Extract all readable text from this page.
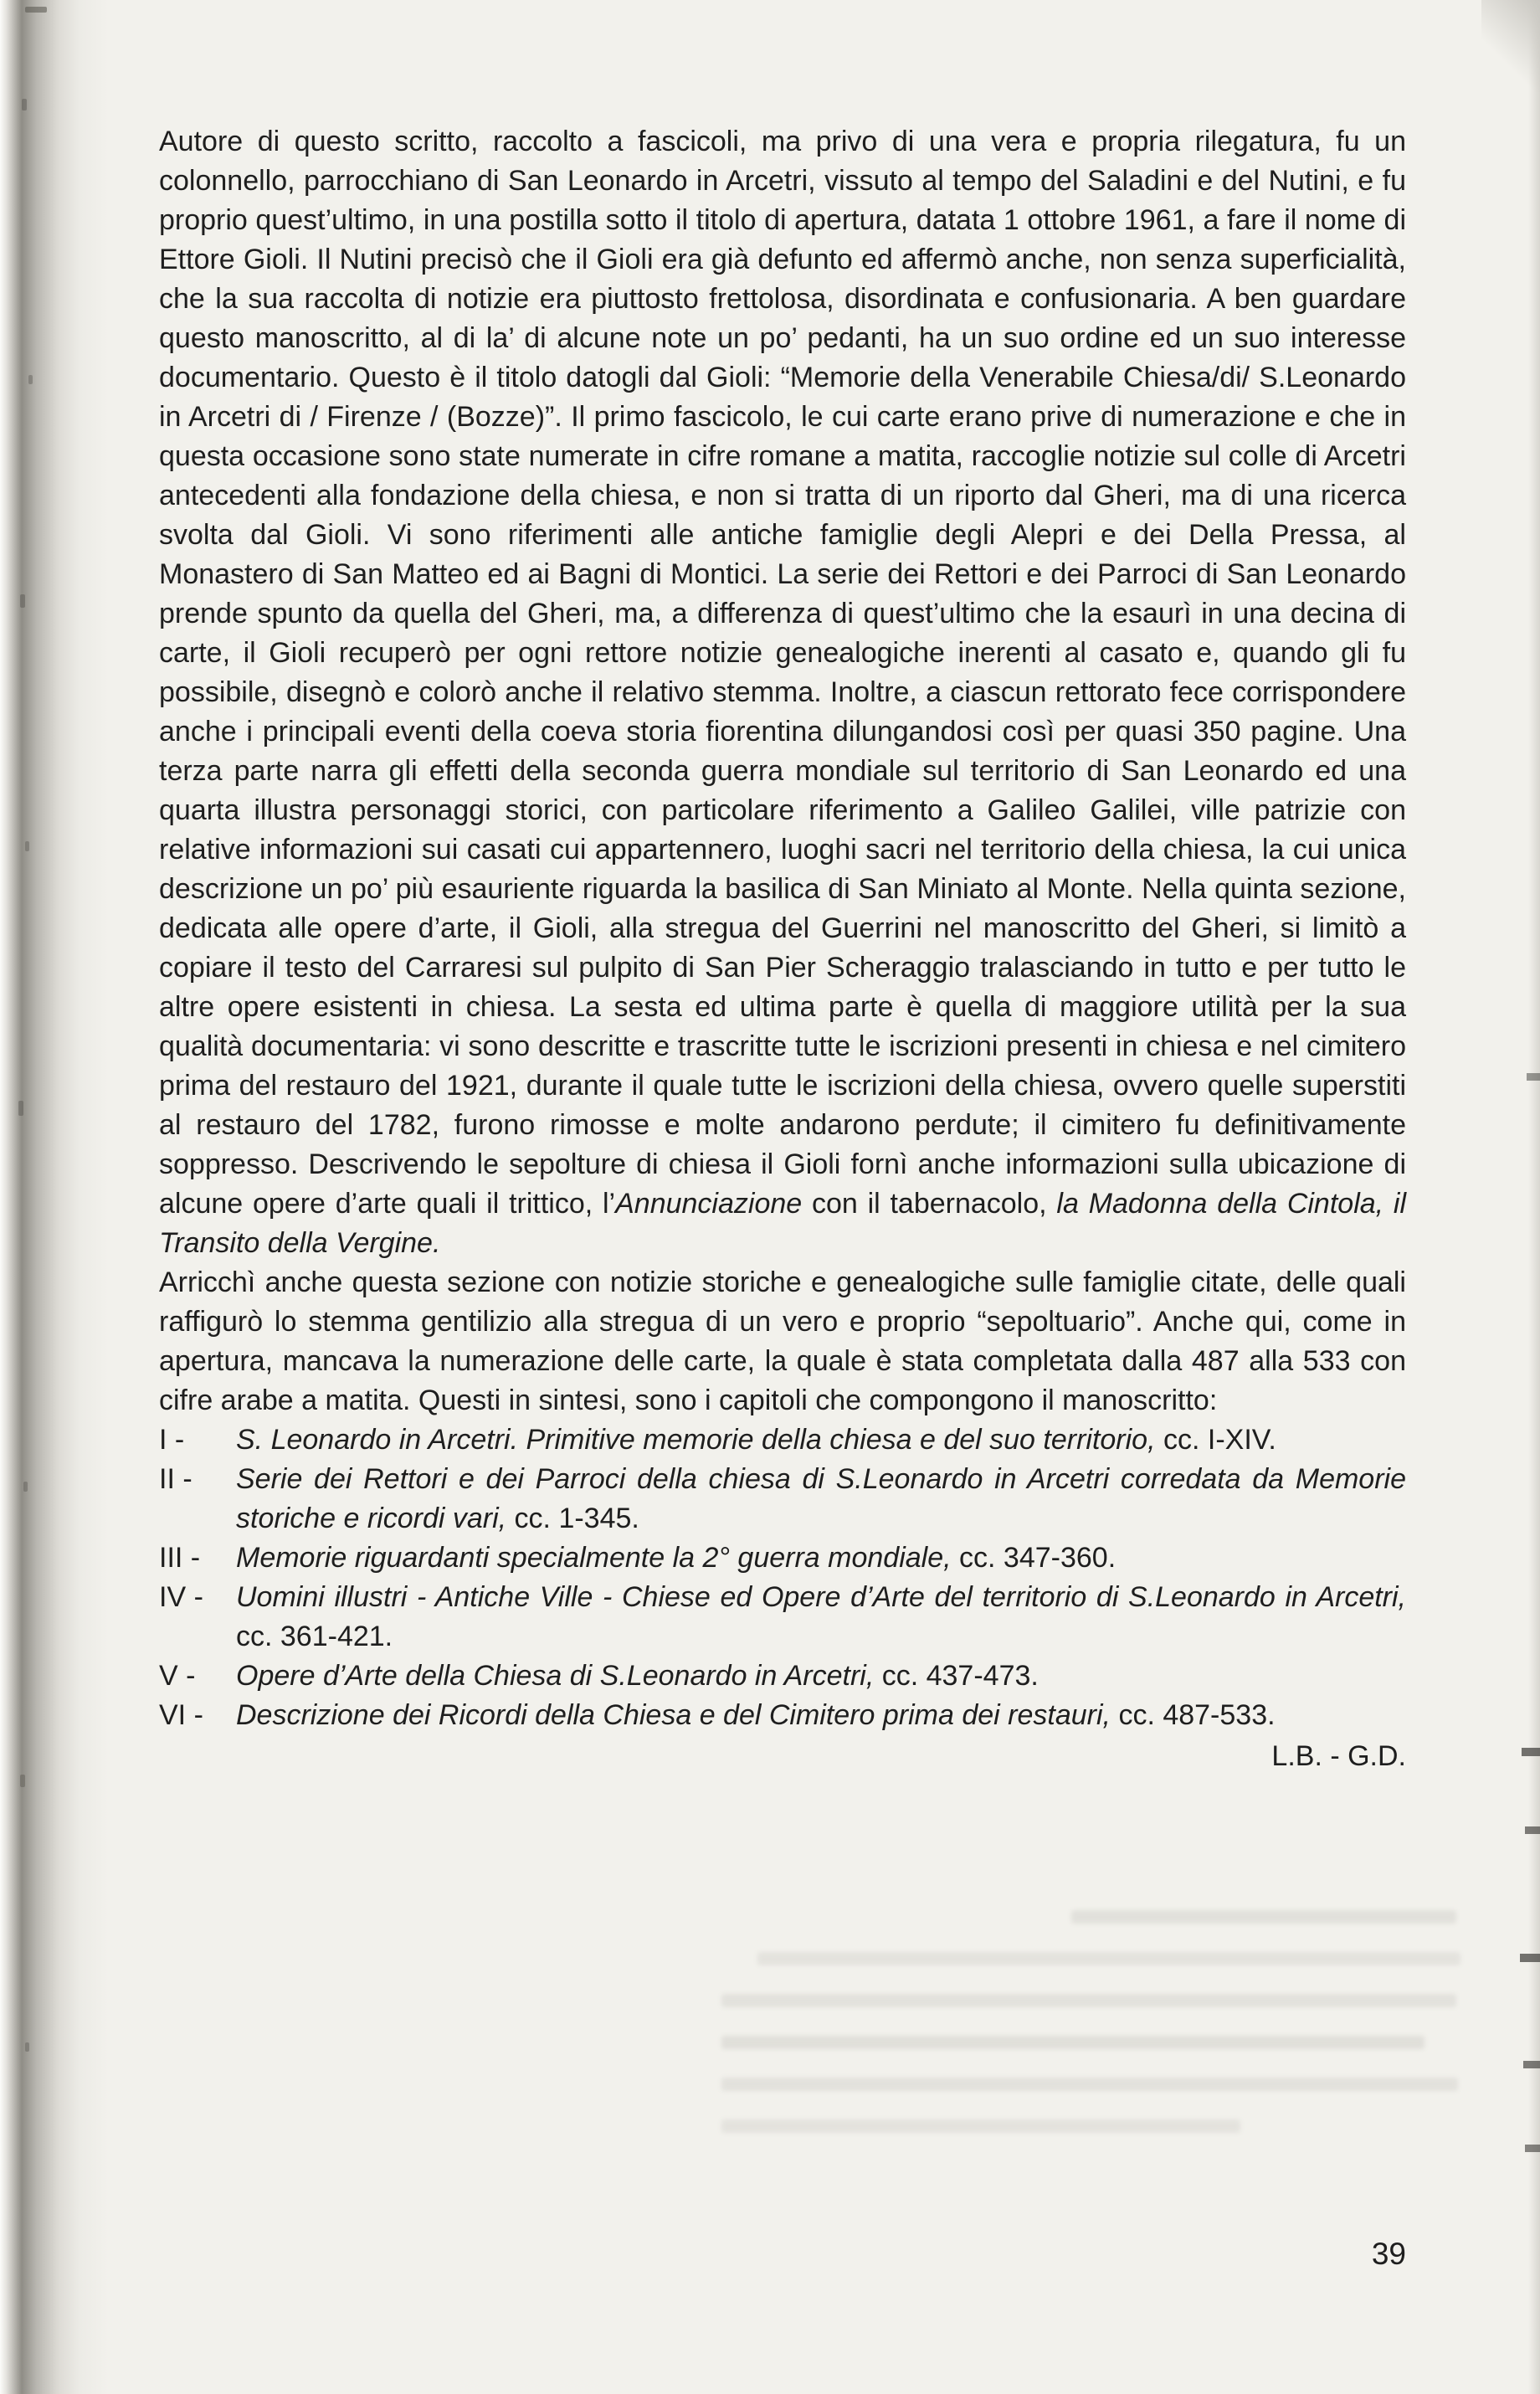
Autore di questo scritto, raccolto a fascicoli, ma privo di una vera e propria rilegatura, fu un colonnello, parrocchiano di San Leonardo in Arcetri, vissuto al tempo del Saladini e del Nutini, e fu proprio quest’ultimo, in una postilla sotto il titolo di apertura, datata 1 ottobre 1961, a fare il nome di Ettore Gioli. Il Nutini precisò che il Gioli era già defunto ed affermò anche, non senza superficialità, che la sua raccolta di notizie era piuttosto frettolosa, disordinata e confusionaria. A ben guardare questo manoscritto, al di la’ di alcune note un po’ pedanti, ha un suo ordine ed un suo interesse documentario. Questo è il titolo datogli dal Gioli: “Memorie della Venerabile Chiesa/di/ S.Leonardo in Arcetri di / Firenze / (Bozze)”. Il primo fascicolo, le cui carte erano prive di numerazione e che in questa occasione sono state numerate in cifre romane a matita, raccoglie notizie sul colle di Arcetri antecedenti alla fondazione della chiesa, e non si tratta di un riporto dal Gheri, ma di una ricerca svolta dal Gioli. Vi sono riferimenti alle antiche famiglie degli Alepri e dei Della Pressa, al Monastero di San Matteo ed ai Bagni di Montici. La serie dei Rettori e dei Parroci di San Leonardo prende spunto da quella del Gheri, ma, a differenza di quest’ultimo che la esaurì in una decina di carte, il Gioli recuperò per ogni rettore notizie genealogiche inerenti al casato e, quando gli fu possibile, disegnò e colorò anche il relativo stemma. Inoltre, a ciascun rettorato fece corrispondere anche i principali eventi della coeva storia fiorentina dilungandosi così per quasi 350 pagine. Una terza parte narra gli effetti della seconda guerra mondiale sul territorio di San Leonardo ed una quarta illustra personaggi storici, con particolare riferimento a Galileo Galilei, ville patrizie con relative informazioni sui casati cui appartennero, luoghi sacri nel territorio della chiesa, la cui unica descrizione un po’ più esauriente riguarda la basilica di San Miniato al Monte. Nella quinta sezione, dedicata alle opere d’arte, il Gioli, alla stregua del Guerrini nel manoscritto del Gheri, si limitò a copiare il testo del Carraresi sul pulpito di San Pier Scheraggio tralasciando in tutto e per tutto le altre opere esistenti in chiesa. La sesta ed ultima parte è quella di maggiore utilità per la sua qualità documentaria: vi sono descritte e trascritte tutte le iscrizioni presenti in chiesa e nel cimitero prima del restauro del 1921, durante il quale tutte le iscrizioni della chiesa, ovvero quelle superstiti al restauro del 1782, furono rimosse e molte andarono perdute; il cimitero fu definitivamente soppresso. Descrivendo le sepolture di chiesa il Gioli fornì anche informazioni sulla ubicazione di alcune opere d’arte quali il trittico, l’Annunciazione con il tabernacolo, la Madonna della Cintola, il Transito della Vergine.

Arricchì anche questa sezione con notizie storiche e genealogiche sulle famiglie citate, delle quali raffigurò lo stemma gentilizio alla stregua di un vero e proprio “sepoltuario”. Anche qui, come in apertura, mancava la numerazione delle carte, la quale è stata completata dalla 487 alla 533 con cifre arabe a matita. Questi in sintesi, sono i capitoli che compongono il manoscritto:

I - S. Leonardo in Arcetri. Primitive memorie della chiesa e del suo territorio, cc. I-XIV.
II - Serie dei Rettori e dei Parroci della chiesa di S.Leonardo in Arcetri corredata da Memorie storiche e ricordi vari, cc. 1-345.
III - Memorie riguardanti specialmente la 2° guerra mondiale, cc. 347-360.
IV - Uomini illustri - Antiche Ville - Chiese ed Opere d’Arte del territorio di S.Leonardo in Arcetri, cc. 361-421.
V - Opere d’Arte della Chiesa di S.Leonardo in Arcetri, cc. 437-473.
VI - Descrizione dei Ricordi della Chiesa e del Cimitero prima dei restauri, cc. 487-533.
L.B. - G.D.
39
